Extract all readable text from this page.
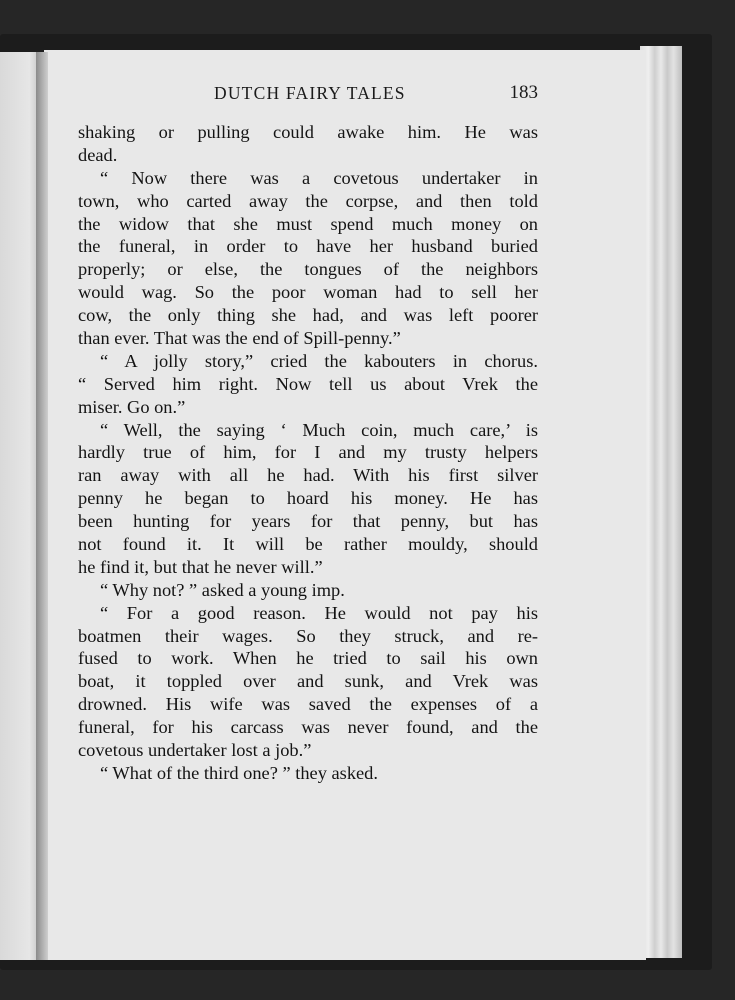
DUTCH FAIRY TALES	183
shaking or pulling could awake him. He was
dead.
“ Now there was a covetous undertaker in
town, who carted away the corpse, and then told
the widow that she must spend much money on
the funeral, in order to have her husband buried
properly; or else, the tongues of the neighbors
would wag. So the poor woman had to sell her
cow, the only thing she had, and was left poorer
than ever. That was the end of Spill-penny.”
“ A jolly story,” cried the kabouters in chorus.
“ Served him right. Now tell us about Vrek the
miser. Go on.”
“ Well, the saying ‘ Much coin, much care,’ is
hardly true of him, for I and my trusty helpers
ran away with all he had. With his first silver
penny he began to hoard his money. He has
been hunting for years for that penny, but has
not found it. It will be rather mouldy, should
he find it, but that he never will.”
“ Why not? ” asked a young imp.
“ For a good reason. He would not pay his
boatmen their wages. So they struck, and re-
fused to work. When he tried to sail his own
boat, it toppled over and sunk, and Vrek was
drowned. His wife was saved the expenses of a
funeral, for his carcass was never found, and the
covetous undertaker lost a job.”
“ What of the third one? ” they asked.
